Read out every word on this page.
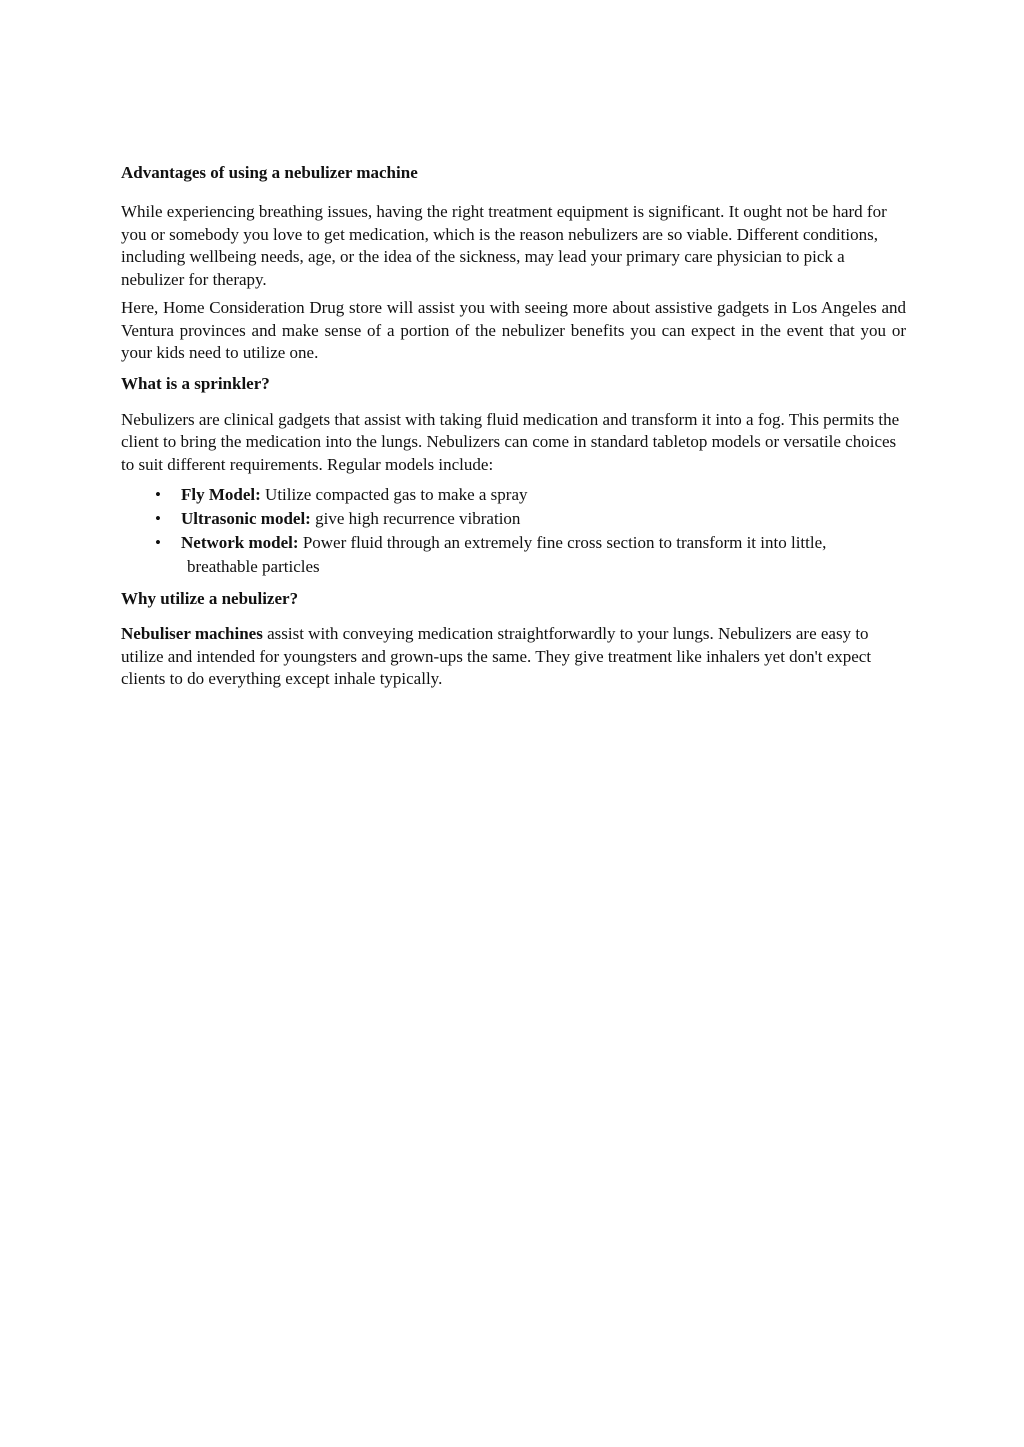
Advantages of using a nebulizer machine

While experiencing breathing issues, having the right treatment equipment is significant. It ought not be hard for you or somebody you love to get medication, which is the reason nebulizers are so viable. Different conditions, including wellbeing needs, age, or the idea of the sickness, may lead your primary care physician to pick a nebulizer for therapy.

Here, Home Consideration Drug store will assist you with seeing more about assistive gadgets in Los Angeles and Ventura provinces and make sense of a portion of the nebulizer benefits you can expect in the event that you or your kids need to utilize one.

What is a sprinkler?

Nebulizers are clinical gadgets that assist with taking fluid medication and transform it into a fog. This permits the client to bring the medication into the lungs. Nebulizers can come in standard tabletop models or versatile choices to suit different requirements. Regular models include:

• Fly Model: Utilize compacted gas to make a spray
• Ultrasonic model: give high recurrence vibration
• Network model: Power fluid through an extremely fine cross section to transform it into little,
breathable particles

Why utilize a nebulizer?

Nebuliser machines assist with conveying medication straightforwardly to your lungs. Nebulizers are easy to utilize and intended for youngsters and grown-ups the same. They give treatment like inhalers yet don't expect clients to do everything except inhale typically.
